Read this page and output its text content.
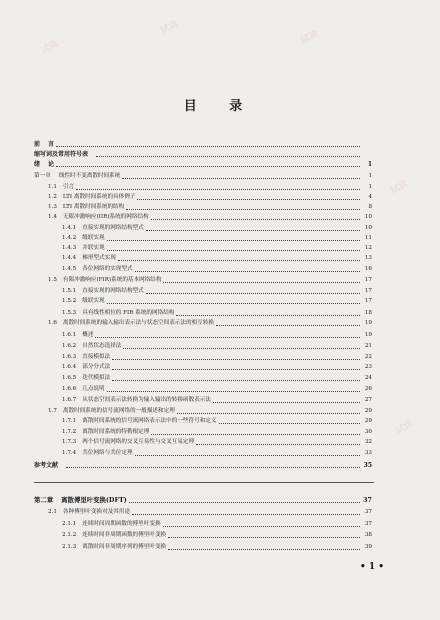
试读
试读
试读
试读
试读
目 录
前 言
缩写词及常用符号表
绪 论	1
第一章 线性时不变离散时间系统	1
1.1 引言	1
1.2 LTI 离散时间系统的具体例子	4
1.3 LTI 离散时间系统的结构	8
1.4 无限冲激响应(IIR)系统的网络结构	10
1.4.1 直接实现的网络结构型式	10
1.4.2 级联实现	11
1.4.3 并联实现	12
1.4.4 梯形型式实现	13
1.4.5 各位网络的实现型式	16
1.5 有限冲激响应(FIR)系统的基本网络结构	17
1.5.1 直接实现的网络结构型式	17
1.5.2 级联实现	17
1.5.3 具有线性相位的 FIR 系统的网络结构	18
1.6 离散时间系统的输入输出表示法与状态空间表示法的相互转换	19
1.6.1 概述	19
1.6.2 自然状态选择法	21
1.6.3 直接模拟法	22
1.6.4 部分分式法	23
1.6.5 迭代模拟法	24
1.6.6 几点说明	26
1.6.7 从状态空间表示法转换为输入输出的转移函数表示法	27
1.7 离散时间系统的信号流网络的一般描述和定理	29
1.7.1 离散时间系统的信号流网络表示法中的一些符号和定义	29
1.7.2 离散时间系统的特勒根定理	30
1.7.3 两个信号流网络的交叉互易性与交叉互易定理	32
1.7.4 共位网络与共位定理	33
参考文献	35
第二章 离散傅里叶变换(DFT)	37
2.1 各种傅里叶变换对及其用途	37
2.1.1 连续时间周期函数的傅里叶变换	37
2.1.2 连续时间非周期函数的傅里叶变换	38
2.1.3 离散时间非周期序列的傅里叶变换	39
• 1 •
